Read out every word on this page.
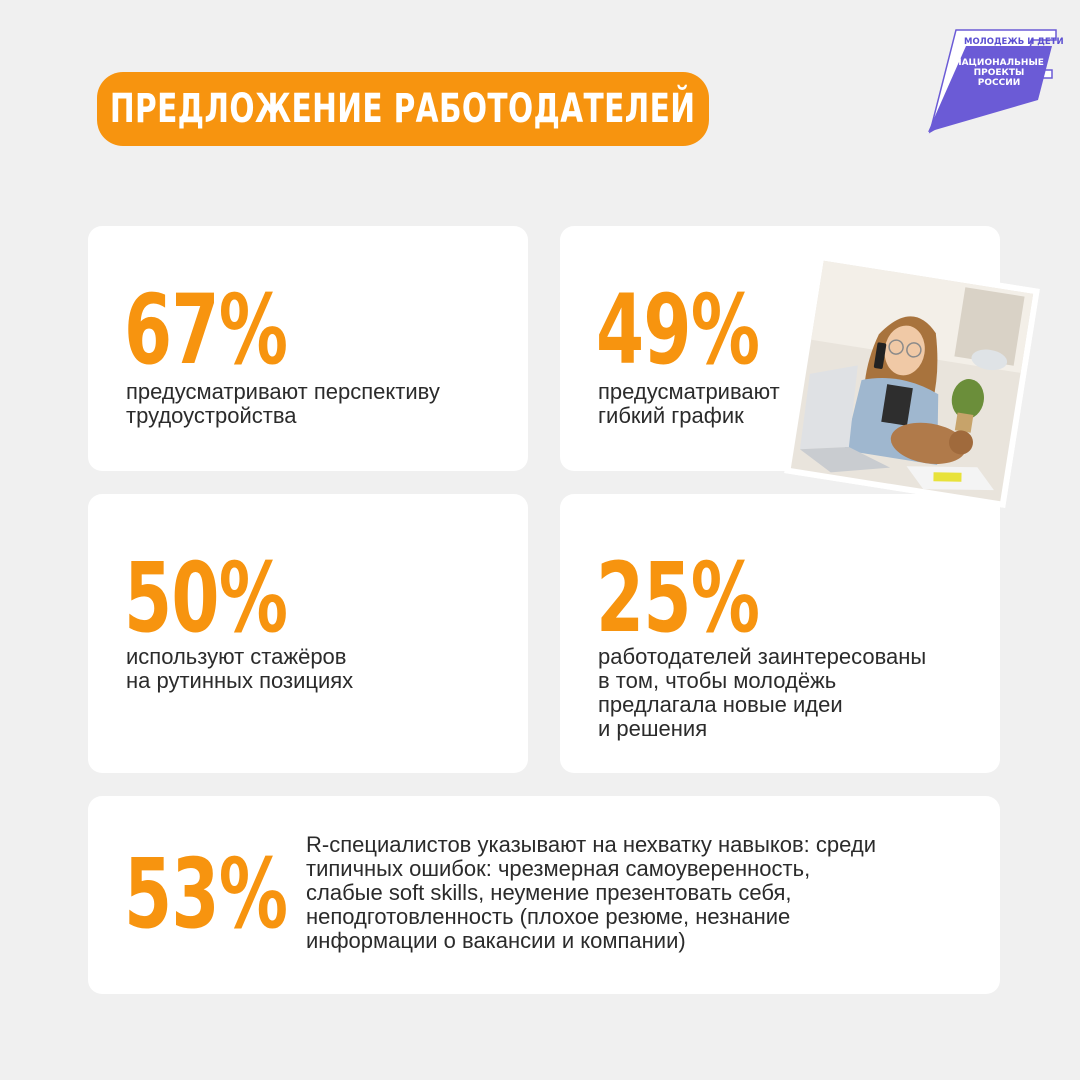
ПРЕДЛОЖЕНИЕ РАБОТОДАТЕЛЕЙ
МОЛОДЕЖЬ И ДЕТИ
НАЦИОНАЛЬНЫЕ
ПРОЕКТЫ
РОССИИ
67%
предусматривают перспективу
трудоустройства
49%
предусматривают
гибкий график
50%
используют стажёров
на рутинных позициях
25%
работодателей заинтересованы
в том, чтобы молодёжь
предлагала новые идеи
и решения
53% R-специалистов указывают на нехватку навыков: среди
типичных ошибок: чрезмерная самоуверенность,
слабые soft skills, неумение презентовать себя,
неподготовленность (плохое резюме, незнание
информации о вакансии и компании)
